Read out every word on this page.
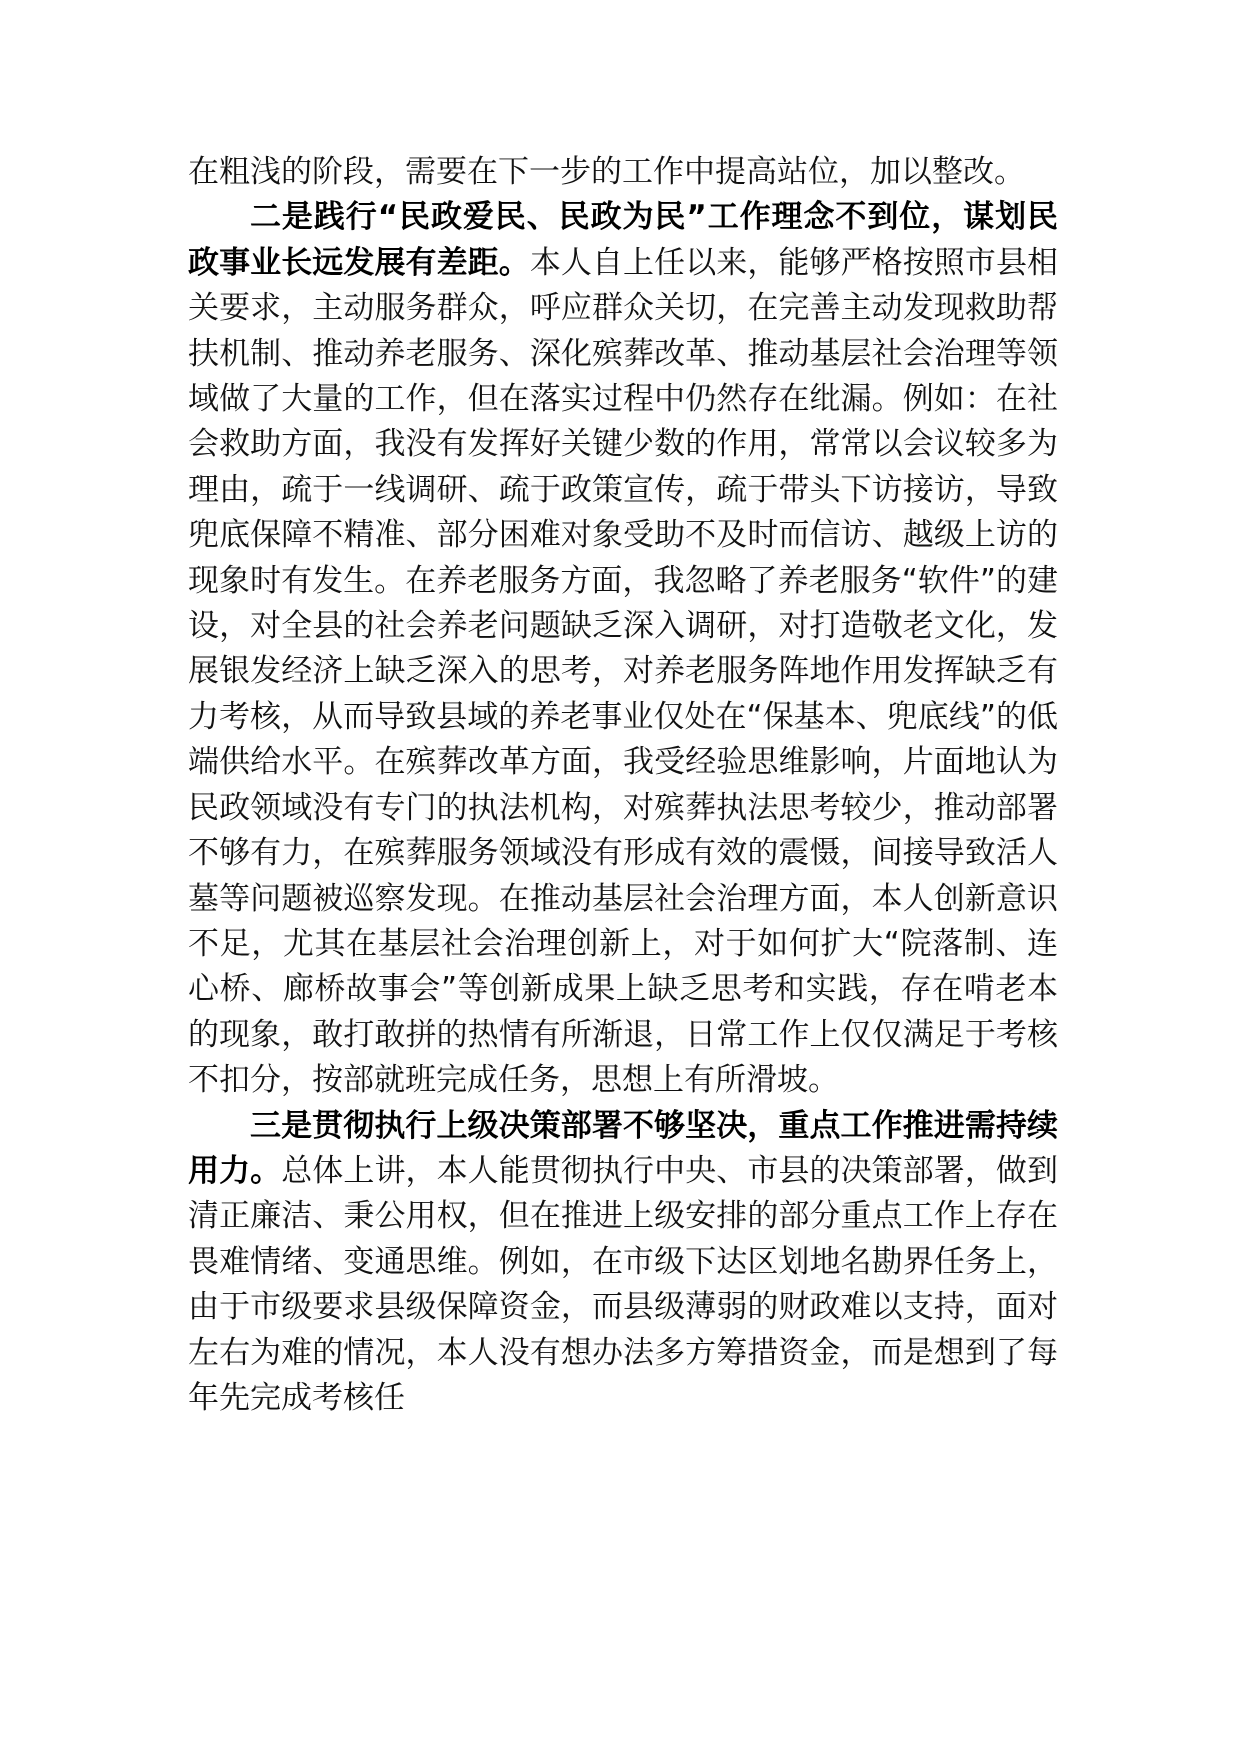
在粗浅的阶段，需要在下一步的工作中提高站位，加以整改。

二是践行“民政爱民、民政为民”工作理念不到位，谋划民政事业长远发展有差距。本人自上任以来，能够严格按照市县相关要求，主动服务群众，呼应群众关切，在完善主动发现救助帮扶机制、推动养老服务、深化殡葬改革、推动基层社会治理等领域做了大量的工作，但在落实过程中仍然存在纰漏。例如：在社会救助方面，我没有发挥好关键少数的作用，常常以会议较多为理由，疏于一线调研、疏于政策宣传，疏于带头下访接访，导致兜底保障不精准、部分困难对象受助不及时而信访、越级上访的现象时有发生。在养老服务方面，我忽略了养老服务“软件”的建设，对全县的社会养老问题缺乏深入调研，对打造敬老文化，发展银发经济上缺乏深入的思考，对养老服务阵地作用发挥缺乏有力考核，从而导致县域的养老事业仅处在“保基本、兜底线”的低端供给水平。在殡葬改革方面，我受经验思维影响，片面地认为民政领域没有专门的执法机构，对殡葬执法思考较少，推动部署不够有力，在殡葬服务领域没有形成有效的震慑，间接导致活人墓等问题被巡察发现。在推动基层社会治理方面，本人创新意识不足，尤其在基层社会治理创新上，对于如何扩大“院落制、连心桥、廊桥故事会”等创新成果上缺乏思考和实践，存在啃老本的现象，敢打敢拼的热情有所渐退，日常工作上仅仅满足于考核不扣分，按部就班完成任务，思想上有所滑坡。

三是贯彻执行上级决策部署不够坚决，重点工作推进需持续用力。总体上讲，本人能贯彻执行中央、市县的决策部署，做到清正廉洁、秉公用权，但在推进上级安排的部分重点工作上存在畏难情绪、变通思维。例如，在市级下达区划地名勘界任务上，由于市级要求县级保障资金，而县级薄弱的财政难以支持，面对左右为难的情况，本人没有想办法多方筹措资金，而是想到了每年先完成考核任
